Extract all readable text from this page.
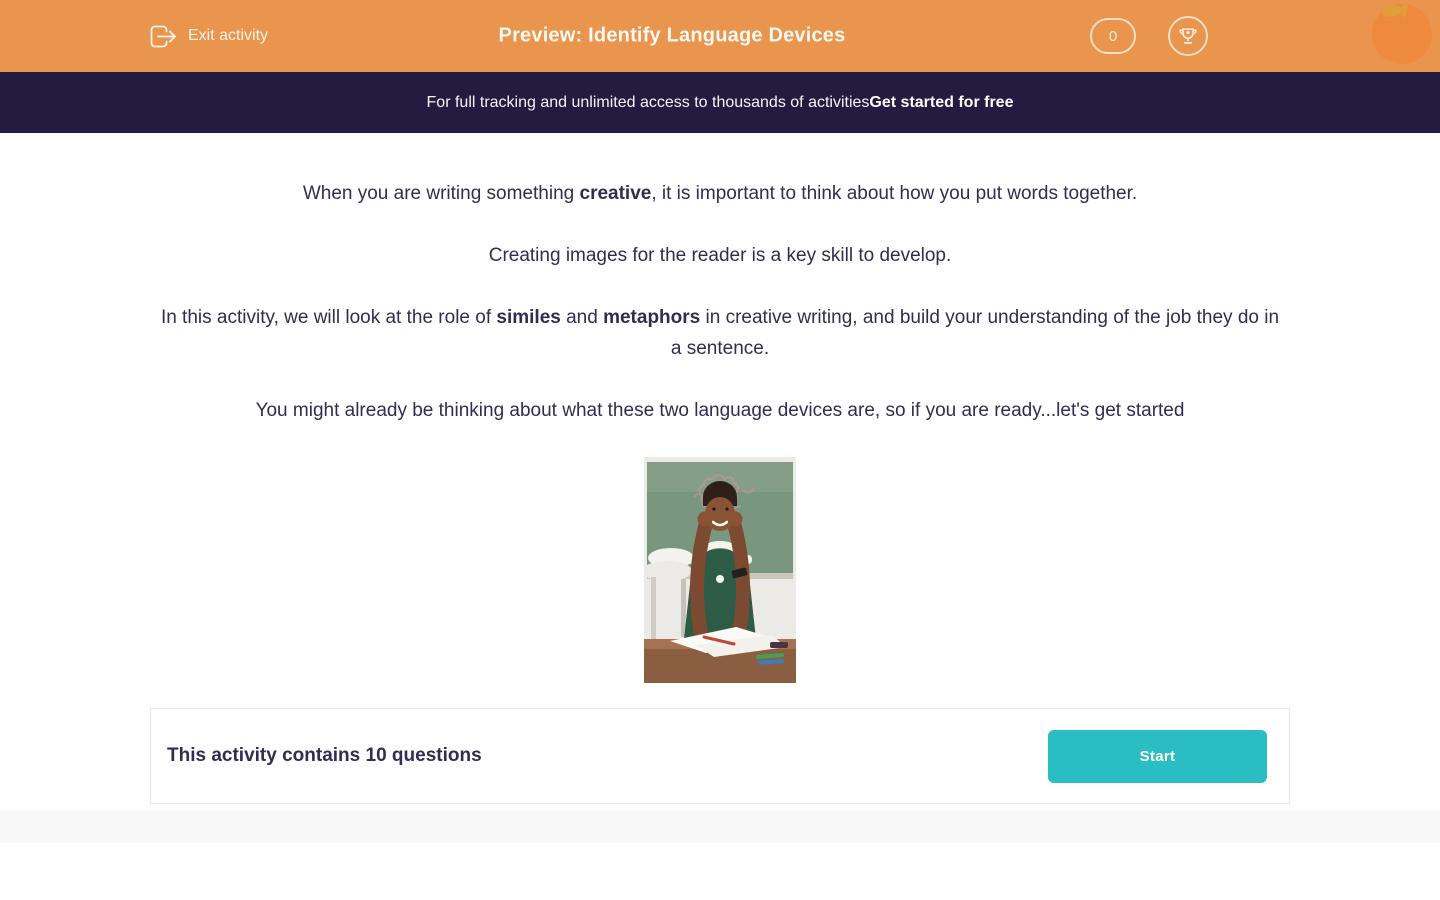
Exit activity	Preview: Identify Language Devices	0
For full tracking and unlimited access to thousands of activities Get started for free

When you are writing something creative, it is important to think about how you put words together.

Creating images for the reader is a key skill to develop.

In this activity, we will look at the role of similes and metaphors in creative writing, and build your understanding of the job they do in a sentence.

You might already be thinking about what these two language devices are, so if you are ready...let's get started

This activity contains 10 questions	Start
